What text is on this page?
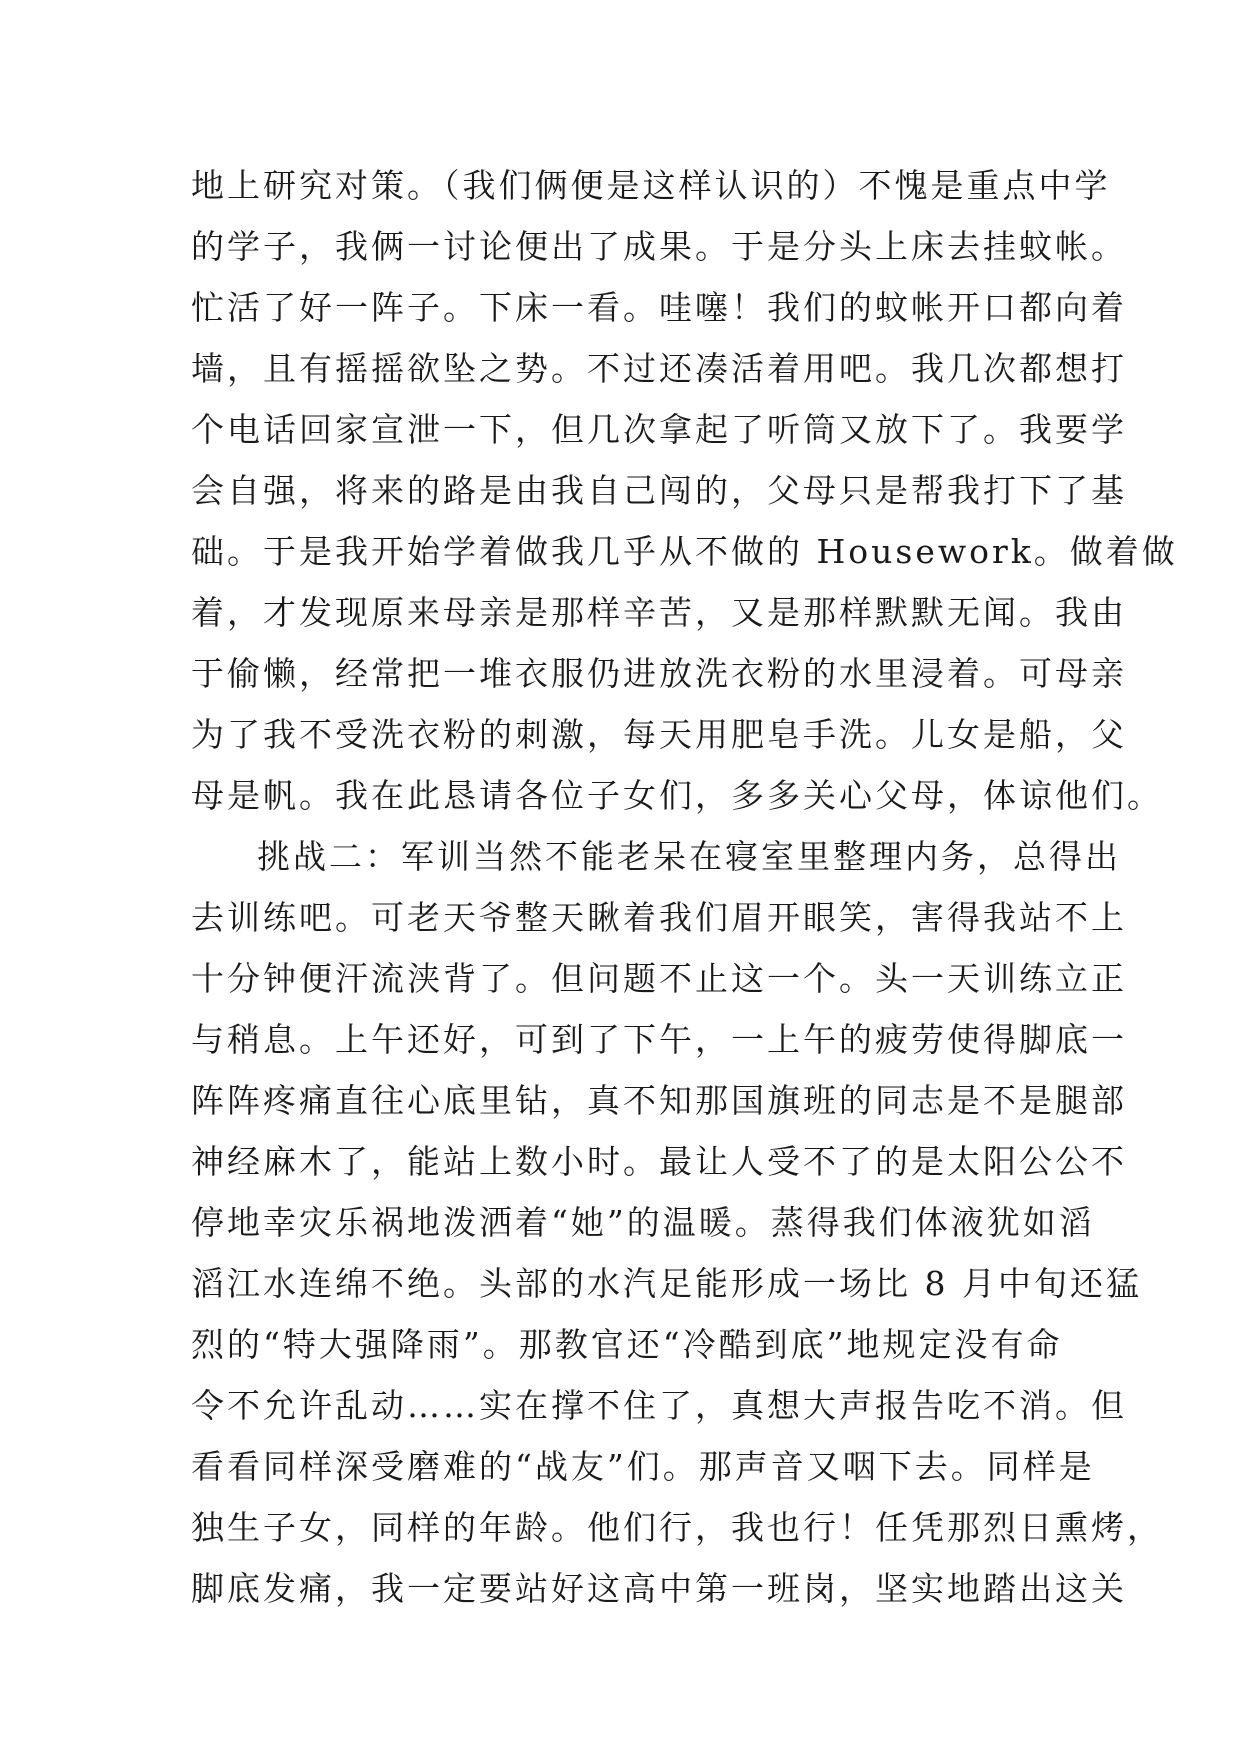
地上研究对策。（我们俩便是这样认识的）不愧是重点中学
的学子，我俩一讨论便出了成果。于是分头上床去挂蚊帐。
忙活了好一阵子。下床一看。哇噻！我们的蚊帐开口都向着
墙，且有摇摇欲坠之势。不过还凑活着用吧。我几次都想打
个电话回家宣泄一下，但几次拿起了听筒又放下了。我要学
会自强，将来的路是由我自己闯的，父母只是帮我打下了基
础。于是我开始学着做我几乎从不做的 Housework。做着做
着，才发现原来母亲是那样辛苦，又是那样默默无闻。我由
于偷懒，经常把一堆衣服仍进放洗衣粉的水里浸着。可母亲
为了我不受洗衣粉的刺激，每天用肥皂手洗。儿女是船，父
母是帆。我在此恳请各位子女们，多多关心父母，体谅他们。
挑战二：军训当然不能老呆在寝室里整理内务，总得出
去训练吧。可老天爷整天瞅着我们眉开眼笑，害得我站不上
十分钟便汗流浃背了。但问题不止这一个。头一天训练立正
与稍息。上午还好，可到了下午，一上午的疲劳使得脚底一
阵阵疼痛直往心底里钻，真不知那国旗班的同志是不是腿部
神经麻木了，能站上数小时。最让人受不了的是太阳公公不
停地幸灾乐祸地泼洒着“她”的温暖。蒸得我们体液犹如滔
滔江水连绵不绝。头部的水汽足能形成一场比 8 月中旬还猛
烈的“特大强降雨”。那教官还“冷酷到底”地规定没有命
令不允许乱动……实在撑不住了，真想大声报告吃不消。但
看看同样深受磨难的“战友”们。那声音又咽下去。同样是
独生子女，同样的年龄。他们行，我也行！任凭那烈日熏烤，
脚底发痛，我一定要站好这高中第一班岗，坚实地踏出这关
